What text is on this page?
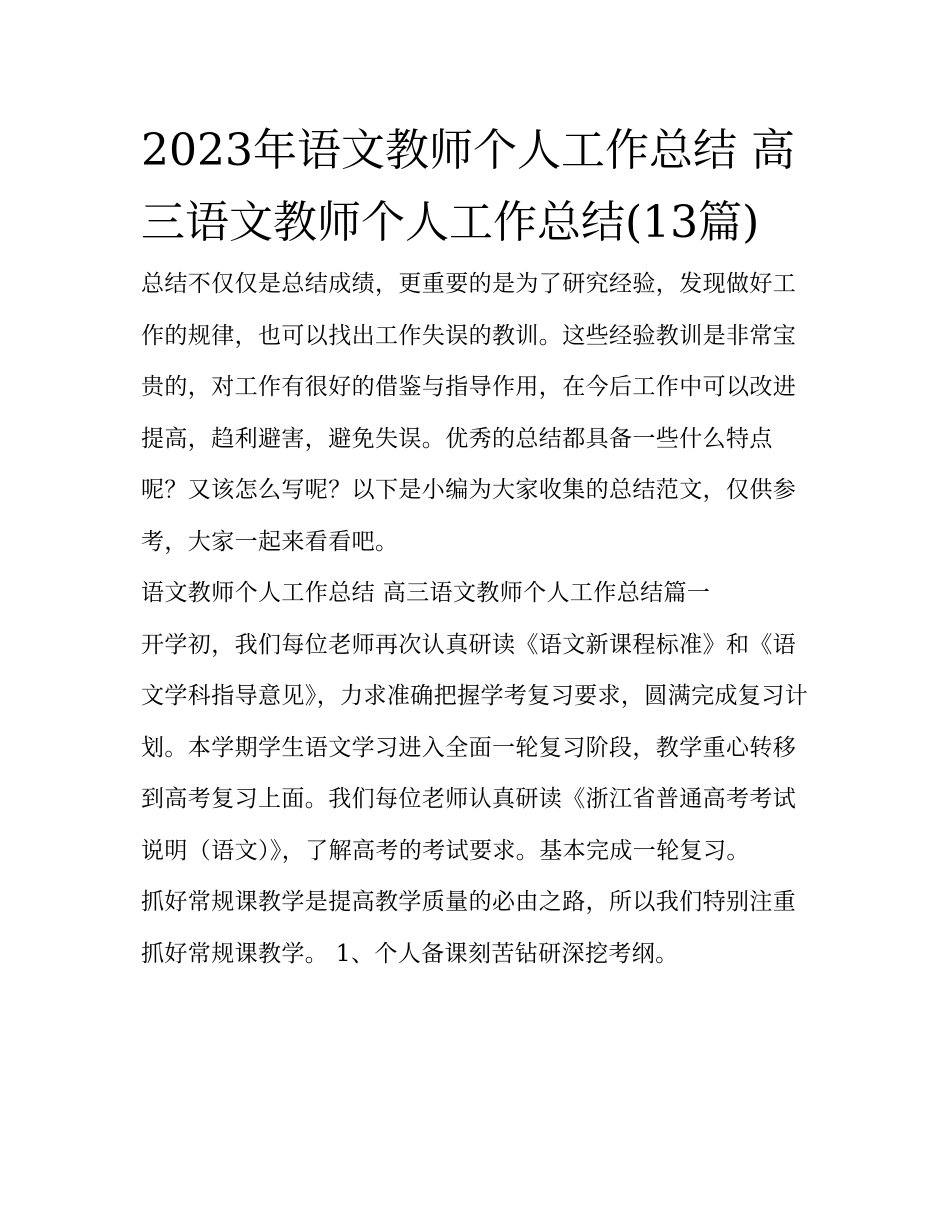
2023年语文教师个人工作总结 高三语文教师个人工作总结(13篇)

总结不仅仅是总结成绩，更重要的是为了研究经验，发现做好工作的规律，也可以找出工作失误的教训。这些经验教训是非常宝贵的，对工作有很好的借鉴与指导作用，在今后工作中可以改进提高，趋利避害，避免失误。优秀的总结都具备一些什么特点呢？又该怎么写呢？以下是小编为大家收集的总结范文，仅供参考，大家一起来看看吧。

语文教师个人工作总结 高三语文教师个人工作总结篇一

开学初，我们每位老师再次认真研读《语文新课程标准》和《语文学科指导意见》，力求准确把握学考复习要求，圆满完成复习计划。本学期学生语文学习进入全面一轮复习阶段，教学重心转移到高考复习上面。我们每位老师认真研读《浙江省普通高考考试说明（语文）》，了解高考的考试要求。基本完成一轮复习。

抓好常规课教学是提高教学质量的必由之路，所以我们特别注重抓好常规课教学。 1、个人备课刻苦钻研深挖考纲。
